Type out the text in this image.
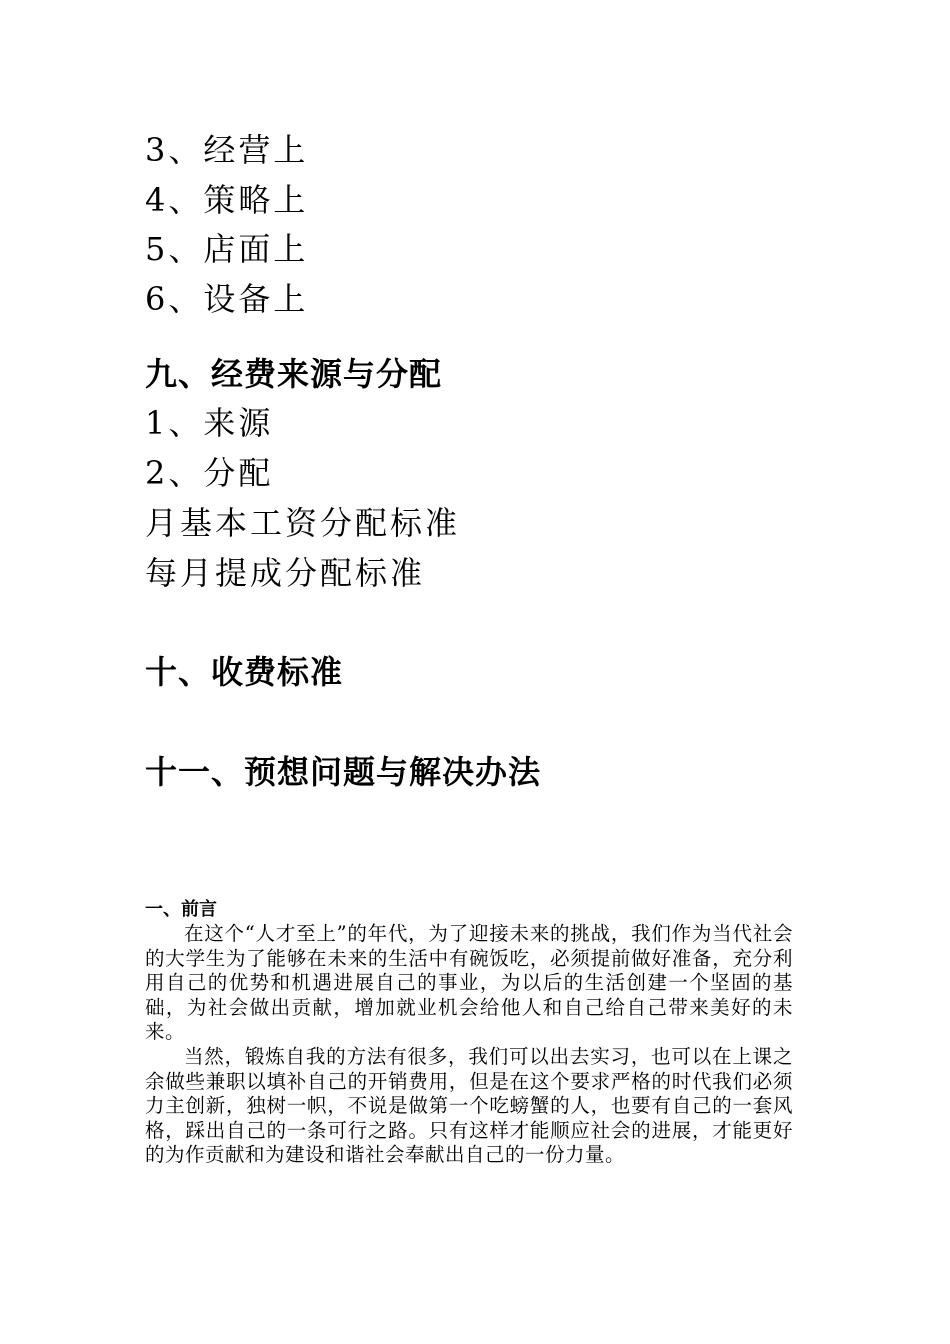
3、经营上
4、策略上
5、店面上
6、设备上
九、经费来源与分配
1、来源
2、分配
月基本工资分配标准
每月提成分配标准
十、收费标准
十一、预想问题与解决办法
一、前言

在这个“人才至上”的年代，为了迎接未来的挑战，我们作为当代社会的大学生为了能够在未来的生活中有碗饭吃，必须提前做好准备，充分利用自己的优势和机遇进展自己的事业，为以后的生活创建一个坚固的基础，为社会做出贡献，增加就业机会给他人和自己给自己带来美好的未来。

当然，锻炼自我的方法有很多，我们可以出去实习，也可以在上课之余做些兼职以填补自己的开销费用，但是在这个要求严格的时代我们必须力主创新，独树一帜，不说是做第一个吃螃蟹的人，也要有自己的一套风格，踩出自己的一条可行之路。只有这样才能顺应社会的进展，才能更好的为作贡献和为建设和谐社会奉献出自己的一份力量。
